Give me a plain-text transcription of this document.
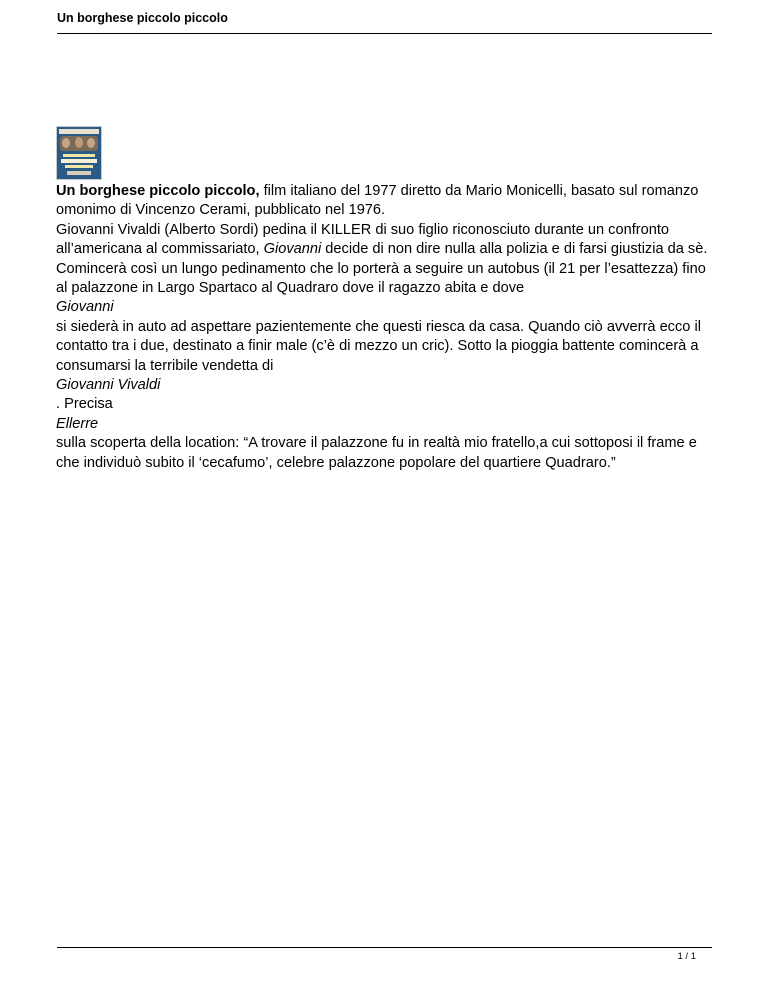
Un borghese piccolo piccolo

Un borghese piccolo piccolo, film italiano del 1977 diretto da Mario Monicelli, basato sul romanzo omonimo di Vincenzo Cerami, pubblicato nel 1976.

Giovanni Vivaldi (Alberto Sordi) pedina il KILLER di suo figlio riconosciuto durante un confronto all’americana al commissariato, Giovanni decide di non dire nulla alla polizia e di farsi giustizia da sè. Comincerà così un lungo pedinamento che lo porterà a seguire un autobus (il 21 per l’esattezza) fino al palazzone in Largo Spartaco al Quadraro dove il ragazzo abita e dove
Giovanni
si siederà in auto ad aspettare pazientemente che questi riesca da casa. Quando ciò avverrà ecco il contatto tra i due, destinato a finir male (c’è di mezzo un cric). Sotto la pioggia battente comincerà a consumarsi la terribile vendetta di
Giovanni Vivaldi
. Precisa
Ellerre
sulla scoperta della location: “A trovare il palazzone fu in realtà mio fratello,a cui sottoposi il frame e che individuò subito il ‘cecafumo’, celebre palazzone popolare del quartiere Quadraro.”

1 / 1
